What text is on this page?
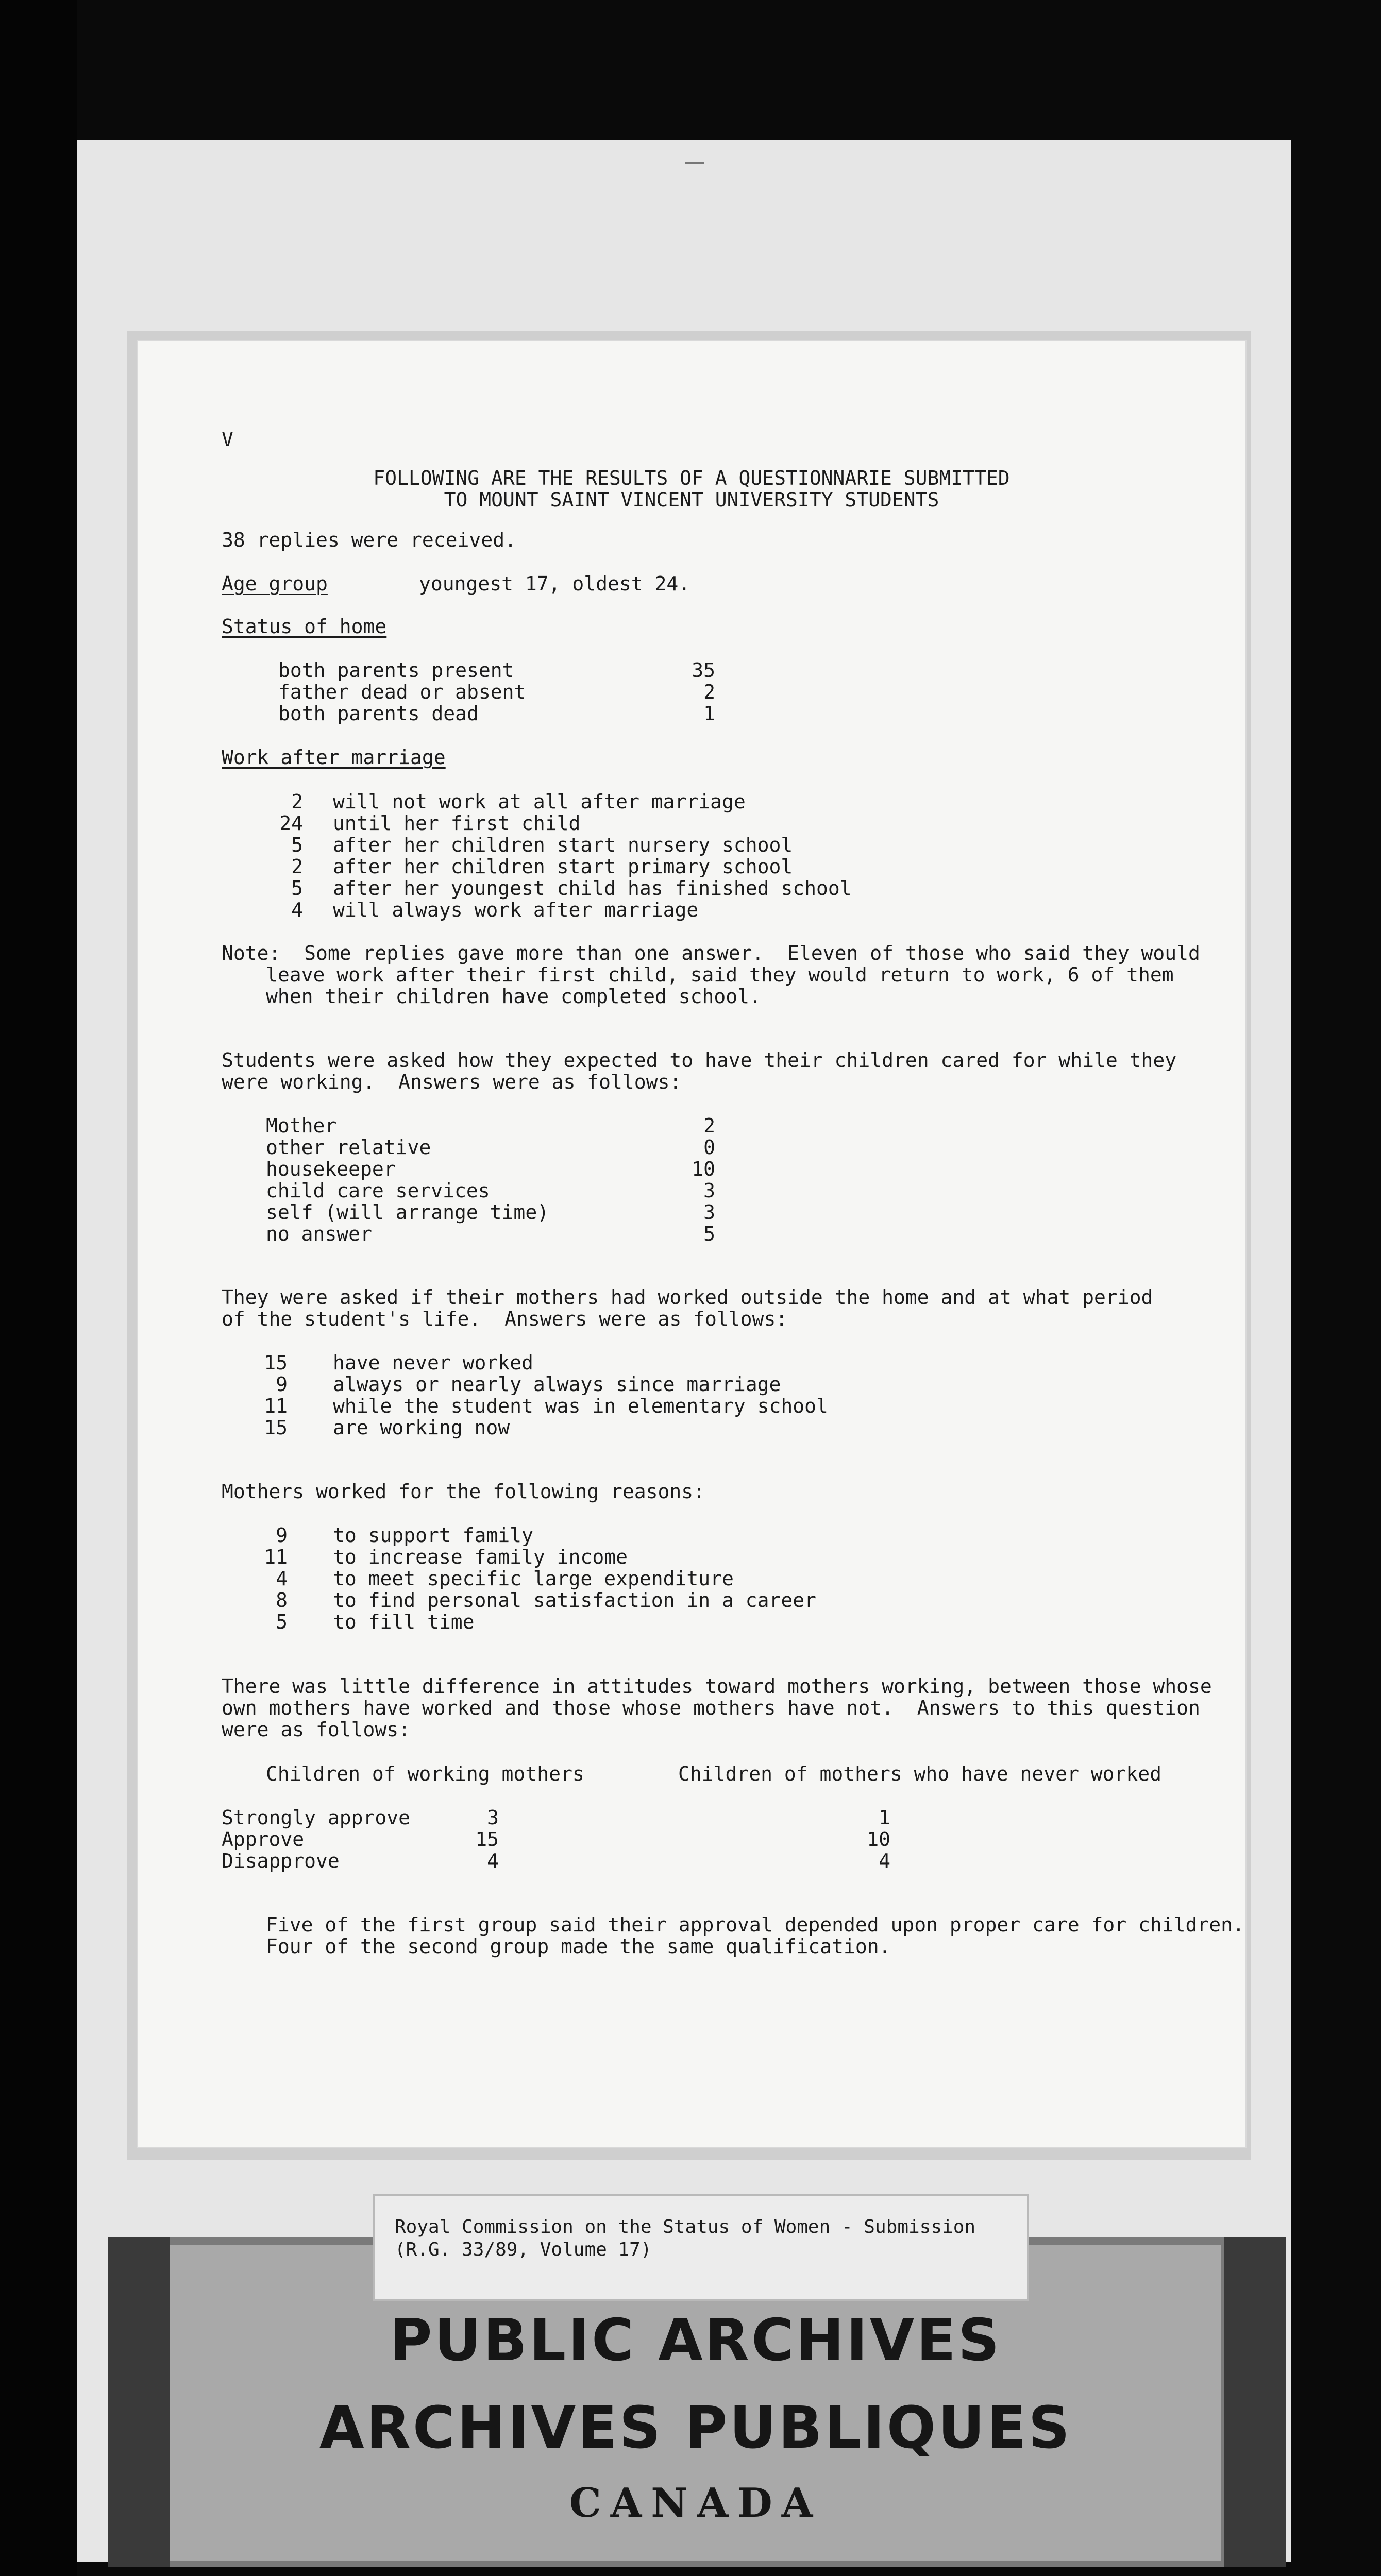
V
FOLLOWING ARE THE RESULTS OF A QUESTIONNARIE SUBMITTED
TO MOUNT SAINT VINCENT UNIVERSITY STUDENTS
38 replies were received.
Age group	youngest 17, oldest 24.
Status of home
both parents present	35
father dead or absent	2
both parents dead	1
Work after marriage
2 will not work at all after marriage
24 until her first child
5 after her children start nursery school
2 after her children start primary school
5 after her youngest child has finished school
4 will always work after marriage
Note:  Some replies gave more than one answer.  Eleven of those who said they would
leave work after their first child, said they would return to work, 6 of them
when their children have completed school.
Students were asked how they expected to have their children cared for while they
were working.  Answers were as follows:
Mother	2
other relative	0
housekeeper	10
child care services	3
self (will arrange time)	3
no answer	5
They were asked if their mothers had worked outside the home and at what period
of the student's life.  Answers were as follows:
15 have never worked
9 always or nearly always since marriage
11 while the student was in elementary school
15 are working now
Mothers worked for the following reasons:
9 to support family
11 to increase family income
4 to meet specific large expenditure
8 to find personal satisfaction in a career
5 to fill time
There was little difference in attitudes toward mothers working, between those whose
own mothers have worked and those whose mothers have not.  Answers to this question
were as follows:
Children of working mothers	Children of mothers who have never worked
Strongly approve	3	1
Approve	15	10
Disapprove	4	4
Five of the first group said their approval depended upon proper care for children.
Four of the second group made the same qualification.
PUBLIC ARCHIVES
ARCHIVES PUBLIQUES
CANADA
Royal Commission on the Status of Women - Submission
(R.G. 33/89, Volume 17)
